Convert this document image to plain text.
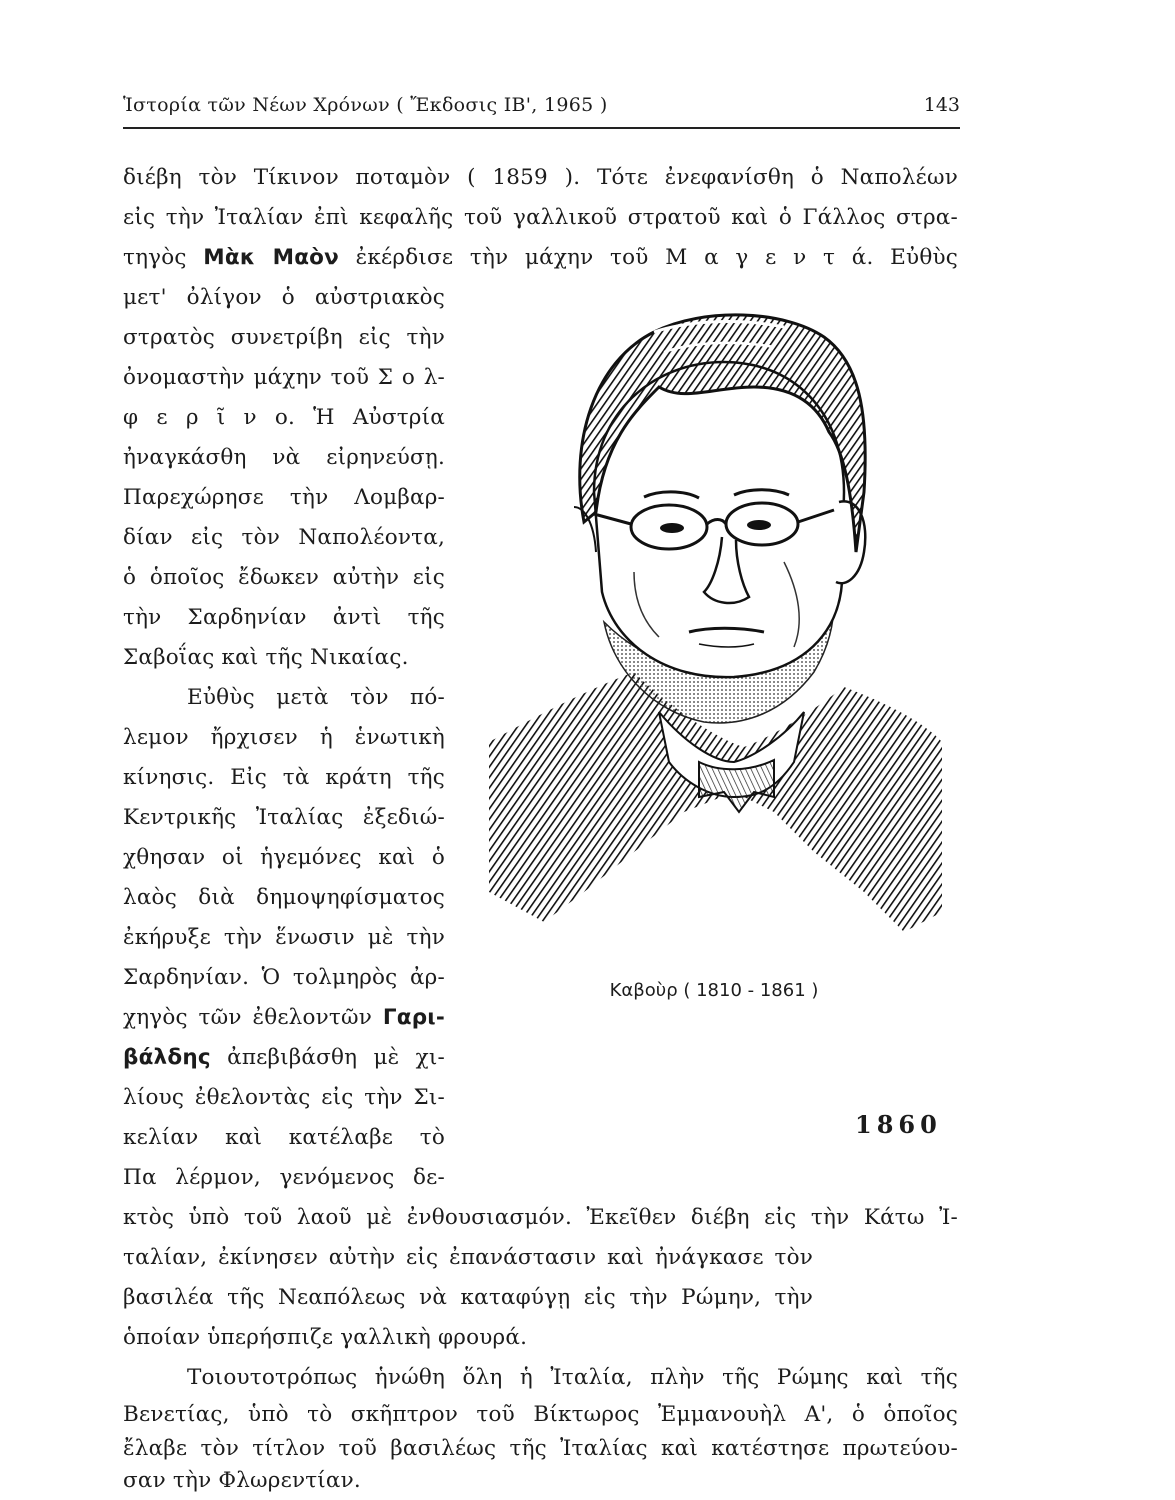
Ἱστορία τῶν Νέων Χρόνων ( Ἔκδοσις ΙΒ', 1965 )	143
διέβη τὸν Τίκινον ποταμὸν ( 1859 ). Τότε ἐνεφανίσθη ὁ Ναπολέων
εἰς τὴν Ἰταλίαν ἐπὶ κεφαλῆς τοῦ γαλλικοῦ στρατοῦ καὶ ὁ Γάλλος στρα-
τηγὸς Μὰκ Μαὸν ἐκέρδισε τὴν μάχην τοῦ Μ α γ ε ν τ ά. Εὐθὺς
μετ' ὀλίγον ὁ αὐστριακὸς
στρατὸς συνετρίβη εἰς τὴν
ὀνομαστὴν μάχην τοῦ Σ ο λ-
φ ε ρ ῖ ν ο. Ἡ Αὐστρία
ἠναγκάσθη νὰ εἰρηνεύσῃ.
Παρεχώρησε τὴν Λομβαρ-
δίαν εἰς τὸν Ναπολέοντα,
ὁ ὁποῖος ἔδωκεν αὐτὴν εἰς
τὴν Σαρδηνίαν ἀντὶ τῆς
Σαβοΐας καὶ τῆς Νικαίας.
Εὐθὺς μετὰ τὸν πό-
λεμον ἤρχισεν ἡ ἑνωτικὴ
κίνησις. Εἰς τὰ κράτη τῆς
Κεντρικῆς Ἰταλίας ἐξεδιώ-
χθησαν οἱ ἡγεμόνες καὶ ὁ
λαὸς διὰ δημοψηφίσματος
ἐκήρυξε τὴν ἕνωσιν μὲ τὴν
Σαρδηνίαν. Ὁ τολμηρὸς ἀρ-
χηγὸς τῶν ἐθελοντῶν Γαρι-
βάλδης ἀπεβιβάσθη μὲ χι-
λίους ἐθελοντὰς εἰς τὴν Σι-
κελίαν καὶ κατέλαβε τὸ
Πα λέρμον, γενόμενος δε-
κτὸς ὑπὸ τοῦ λαοῦ μὲ ἐνθουσιασμόν. Ἐκεῖθεν διέβη εἰς τὴν Κάτω Ἰ-
ταλίαν, ἐκίνησεν αὐτὴν εἰς ἐπανάστασιν καὶ ἠνάγκασε τὸν
βασιλέα τῆς Νεαπόλεως νὰ καταφύγῃ εἰς τὴν Ρώμην, τὴν
ὁποίαν ὑπερήσπιζε γαλλικὴ φρουρά.
Τοιουτοτρόπως ἡνώθη ὅλη ἡ Ἰταλία, πλὴν τῆς Ρώμης καὶ τῆς
Βενετίας, ὑπὸ τὸ σκῆπτρον τοῦ Βίκτωρος Ἐμμανουὴλ Α', ὁ ὁποῖος
ἔλαβε τὸν τίτλον τοῦ βασιλέως τῆς Ἰταλίας καὶ κατέστησε πρωτεύου-
σαν τὴν Φλωρεντίαν.
Καβοὺρ ( 1810 - 1861 )
1860
